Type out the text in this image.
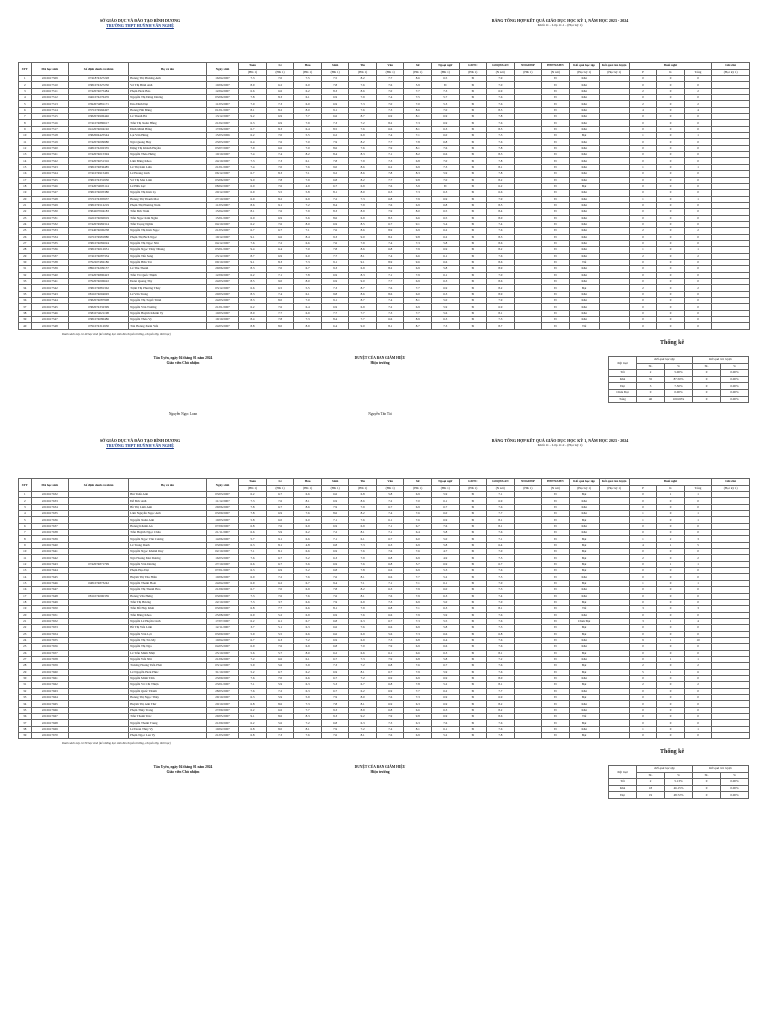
SỞ GIÁO DỤC VÀ ĐÀO TẠO BÌNH DƯƠNG
TRƯỜNG THPT HUỲNH VĂN NGHỆ
BẢNG TỔNG HỢP KẾT QUẢ GIÁO DỤC HỌC KỲ 1, NĂM HỌC 2023 - 2024
Khối 11 - Lớp 11.1 - (Học kỳ 1)
STT	Mã học sinh	Số định danh cá nhân	Họ và tên	Ngày sinh	Toán	Lí	Hóa	Sinh	Tin	Văn	Sử	Ngoại ngữ	GDTC	GDQP&AN	NDGDĐP	HĐTN&HN	Kết quả học tập	Kết quả rèn luyện	Buổi nghỉ			Ghi chú
					(HK 1)	(HK 1)	(HK 1)	(HK 1)	(HK 1)	(HK 1)	(HK 1)	(HK 1)	(HK 1)	(N xét)	(HK 1)	(N xét)	(Học kỳ 1)	(Học kỳ 1)	P	K	Tổng	(Học kỳ 1)
1	2210617509	0741874327228	Hoàng Thị Phương Anh	16/04/2007	7.3	7.0	7.5	7.5	8.2	7.7	8.6	6.5	Đ	7.9		Đ	Khá		0	0	0	
2	2210617510	0381074327230	Võ Thị Bình Anh	10/06/2007	8.9	6.2	6.0	7.8	7.6	7.6	5.9	Đ	Đ	7.0		Đ	Khá		0	0	0	
3	2210617511	0742074075484	Phạm Hoài Bảo	12/04/2007	6.6	6.6	6.2	8.3	8.6	7.0	7.7	7.3	Đ	6.9		Đ	Khá		2	0	2	
4	2210617512	0461074276476	Nguyễn Thị Đông Dương	03/06/2007	7.8	8.3	6.1	6.9	7.9	7.4	7.5	5.7	Đ	7.6		Đ	Khá		0	0	0	
5	2210617513	0392074881171	Đào Đình Đạt	11/03/2007	7.0	7.3	6.0	6.9	7.3	7.0	7.0	5.3	Đ	7.6		Đ	Khá		2	0	2	
6	2210617514	0371074966497	Hoàng Hải Đăng	01/01/2007	8.1	8.2	8.0	9.1	7.6	7.3	8.6	7.0	Đ	8.5		Đ	Khá		4	0	4	
7	2210617515	0382074906446	Lê Thanh Hà	13/12/2007	9.2	6.9	7.7	6.6	8.7	6.9	8.1	6.9	Đ	7.8		Đ	Khá		0	0	0	
8	2210617516	0741074880617	Trần Thị Xuân Hằng	21/02/2007	6.3	6.9	7.9	7.3	7.2	8.2	7.3	6.9	Đ	7.6		Đ	Khá		0	0	0	
9	2210617517	0412074004192	Đinh Minh Hằng	17/06/2007	6.7	8.3	6.4	8.5	7.6	6.6	8.1	6.3	Đ	8.5		Đ	Khá		0	0	0	
10	2210617518	0382004425544	Lại Văn Hùng	15/03/2006	6.2	7.0	5.5	6.2	6.9	7.4	7.1	6.0	Đ	7.3		Đ	Đạt		1	0	1	
11	2210617519	0742074009980	Ngô Quang Huy	23/03/2007	6.4	7.6	7.0	7.9	8.2	7.7	7.8	6.8	Đ	7.6		Đ	Khá		0	0	0	
12	2210617520	0481074202335	Đặng Thị Khánh Huyền	03/07/2007	7.9	6.6	7.0	8.6	7.6	7.9	8.1	7.6	Đ	7.8		Đ	Khá		0	0	0	
13	2210617521	0742074015394	Nguyễn Thảo Hưng	10/10/2007	7.4	7.4	8.2	8.4	8.3	7.1	8.2	6.6	Đ	8.3		Đ	Khá		0	0	0	
14	2210617522	0742074051316	Lâm Đăng Khoa	24/10/2007	7.3	7.3	6.1	7.8	7.9	7.3	6.8	7.0	Đ	7.8		Đ	Khá		0	0	0	
15	2210617523	0381074836485	Lê Thị Kim Liên	21/01/2007	7.4	7.0	7.6	9.0	8.6	6.2	6.9	7.3	Đ	8.1		Đ	Khá		1	0	1	
16	2210617524	0741074915465	Lê Hoàng Linh	06/12/2007	6.7	8.3	7.1	9.2	8.6	7.8	8.3	5.9	Đ	7.8		Đ	Khá		0	0	0	
17	2210617525	0381074331950	Võ Thị Mai Linh	03/06/2007	9.0	7.8	7.9	6.8	8.2	7.7	9.8	7.0	Đ	8.2		Đ	Khá		0	0	0	
18	2210617526	0742074005114	Lê Hữu Lực	08/02/2007	6.0	7.6	4.9	6.7	6.9	7.6	5.9	Đ	Đ	6.2		Đ	Đạt		0	0	0	
19	2210617527	0381074005380	Nguyễn Thị Kim Ly	20/12/2007	6.9	5.5	5.8	8.1	8.0	6.3	7.3	6.3	Đ	6.6		Đ	Khá		0	0	0	
20	2210617528	0371074395937	Hoàng Thị Thanh Mai	27/10/2007	6.9	8.2	6.9	7.2	7.3	6.8	7.9	6.9	Đ	7.9		Đ	Khá		1	0	1	
21	2210617529	0381074512219	Phạm Thị Phương Nam	11/03/2007	8.6	9.1	7.2	8.4	7.9	7.6	6.9	6.8	Đ	8.5		Đ	Khá		0	0	0	
22	2210617530	0384207004183	Trần Đức Nam	15/04/2007	8.1	7.6	7.9	8.3	8.9	7.9	8.0	6.5	Đ	8.4		Đ	Khá		0	0	0	
23	2210617531	0421074060919	Trần Ngọc Kim Ngân	15/01/2007	6.0	6.9	5.6	8.6	6.9	8.3	6.6	6.5	Đ	8.0		Đ	Khá		0	0	0	
24	2210617532	0742074982314	Trần Trọng Nghĩa	04/10/2007	6.2	7.6	8.0	6.9	8.5	6.7	9.1	5.4	Đ	7.4		Đ	Khá		0	0	0	
25	2210617533	0744074000238	Nguyễn Thị Kim Ngọc	21/03/2007	6.7	6.7	7.1	7.6	8.6	8.9	6.9	6.2	Đ	7.6		Đ	Khá		2	0	2	
26	2210617534	0471074981880	Phạm Thị Bích Ngọc	19/12/2007	9.1	6.6	8.4	9.3	9.0	8.2	9.8	6.2	Đ	8.3		Đ	Khá		0	0	0	
27	2210617535	0381074082024	Nguyễn Thị Ngọc Nhi	04/12/2007	7.6	7.2	6.6	7.6	7.9	7.4	7.3	5.8	Đ	8.6		Đ	Khá		0	0	0	
28	2210617536	0381074012951	Nguyễn Ngọc Thủy Nhung	03/01/2007	9.4	6.4	7.0	7.8	8.6	6.8	7.9	6.9	Đ	8.2		Đ	Khá		1	0	1	
29	2210617537	0741074087334	Nguyễn Tấn Sang	23/12/2007	8.7	6.9	6.0	7.7	8.1	7.4	6.6	6.1	Đ	7.6		Đ	Khá		2	0	2	
30	2210617538	0792207482186	Nguyễn Hữu Tài	09/10/2007	9.1	8.3	7.3	9.1	9.1	8.9	9.6	6.6	Đ	8.6		Đ	Tốt		0	0	0	
31	2210617539	0891074209157	Lê Thu Thanh	29/06/2007	8.3	7.0	6.7	9.3	6.9	8.2	6.9	5.8	Đ	8.9		Đ	Khá		0	0	0	
32	2210617540	0742074890423	Trần Võ Quốc Thịnh	12/09/2007	6.2	7.1	7.8	6.9	8.3	7.1	7.9	6.1	Đ	7.0		Đ	Khá		0	0	0	
33	2210617541	0792074006622	Đoàn Quang Thy	24/03/2007	8.5	9.0	8.0	6.9	9.0	7.7	6.9	6.3	Đ	8.6		Đ	Khá		0	0	0	
34	2210617542	0381074881362	Trịnh Thị Phương Thúy	03/12/2007	6.6	6.5	5.5	7.3	8.7	7.6	7.7	6.9	Đ	8.2		Đ	Đạt		2	0	2	
35	2210617543	0811074004693	Lê Văn Trung	20/03/2007	8.3	7.4	6.1	9.8	8.6	8.6	6.0	6.3	Đ	8.9		Đ	Khá		0	0	0	
36	2210617544	0382074087908	Nguyễn Thị Tuyết Trinh	24/03/2007	8.3	8.0	7.0	9.1	8.7	7.4	8.1	5.0	Đ	7.9		Đ	Khá		0	0	0	
37	2210617545	0382074332399	Nguyễn Văn Trường	21/01/2007	6.2	7.6	6.4	6.9	6.9	7.2	6.9	5.9	Đ	6.9		Đ	Khá		0	0	0	
38	2210617546	0381074021198	Nguyễn Huỳnh Khánh Vy	10/03/2007	8.0	7.7	6.9	7.7	7.7	7.3	7.7	5.6	Đ	8.1		Đ	Khá		0	0	0	
39	2210617547	0381074080486	Nguyễn Thảo Vy	19/10/2007	8.4	7.8	7.3	8.4	7.7	6.6	8.9	6.3	Đ	7.3		Đ	Khá		0	0	0	
40	2210617548	0791074312930	Tôn Hoàng Xuân Yến	24/03/2007	8.8	8.0	8.9	6.4	9.0	8.1	8.7	7.3	Đ	8.7		Đ	Tốt		0	0	0	
Danh sách này có 40 học sinh (kể những học sinh đã chuyển trường, chuyển lớp, thôi học)
Tân Uyên, ngày 04 tháng 01 năm 2024
Giáo viên Chủ nhiệm
Nguyễn Ngọc Loan
DUYỆT CỦA BAN GIÁM HIỆU
Hiệu trưởng
Nguyễn Tấn Tài
Thống kê
Xếp loại	Kết quả học tập		Kết quả rèn luyện	
	SL	%	SL	%
Tốt	2	5.00%	0	0.00%
Khá	35	87.50%	0	0.00%
Đạt	3	7.50%	0	0.00%
Chưa Đạt	0	0.00%	0	0.00%
Tổng	40	100.00%	0	0.00%
SỞ GIÁO DỤC VÀ ĐÀO TẠO BÌNH DƯƠNG
TRƯỜNG THPT HUỲNH VĂN NGHỆ
BẢNG TỔNG HỢP KẾT QUẢ GIÁO DỤC HỌC KỲ 1, NĂM HỌC 2023 - 2024
Khối 11 - Lớp 11.2 - (Học kỳ 1)
STT	Mã học sinh	Số định danh cá nhân	Họ và tên	Ngày sinh	Toán	Lí	Hóa	Sinh	Tin	Văn	Sử	Ngoại ngữ	GDTC	GDQP&AN	NDGDĐP	HĐTN&HN	Kết quả học tập	Kết quả rèn luyện	Buổi nghỉ			Ghi chú
					(HK 1)	(HK 1)	(HK 1)	(HK 1)	(HK 1)	(HK 1)	(HK 1)	(HK 1)	(HK 1)	(N xét)	(HK 1)	(N xét)	(Học kỳ 1)	(Học kỳ 1)	P	K	Tổng	(Học kỳ 1)
1	2210617632		Bùi Tuấn Anh	03/03/2007	6.2	6.7	6.6	6.6	6.8	5.8	6.9	5.9	Đ	7.1		Đ	Đạt		0	1	1	
2	2210617633		Đỗ Đức Anh	11/12/2007	7.3	7.6	8.1	6.9	8.6	7.2	7.0	6.1	Đ	6.9		Đ	Khá		0	0	0	
3	2210617634		Bồ Thị Linh Anh	29/06/2007	7.8	6.7	8.6	7.9	7.9	6.7	6.9	6.7	Đ	7.6		Đ	Khá		0	0	0	
4	2210617635		Lâm Nguyễn Ngọc Anh	03/09/2007	7.8	6.9	7.6	8.6	8.2	7.4	7.6	6.0	Đ	7.7		Đ	Khá		1	0	1	
5	2210617636		Nguyễn Xuân Anh	10/03/2007	5.8	6.0	6.0	7.1	7.6	6.1	7.6	6.9	Đ	8.1		Đ	Đạt		1	0	1	
6	2210617637		Hoàng Khánh An	07/09/2007	6.8	7.6	6.9	6.9	6.9	7.1	6.7	7.6	Đ	8.1		Đ	Khá		0	0	0	
7	2210617638		Trần Huỳnh Ngọc Châu	21/11/2007	6.6	5.9	6.2	7.2	8.1	7.1	6.4	5.8	Đ	7.6		Đ	Khá		0	0	0	
8	2210617639		Nguyễn Ngọc Vân Cương	14/06/2007	5.7	9.1	6.6	7.1	6.1	6.7	6.0	5.0	Đ	7.1		Đ	Đạt		1	2	3	
9	2210617640		Lê Trung Danh	03/09/2007	6.3	8.1	4.8	6.8	7.3	6.3	6.9	5.8	Đ	6.4		Đ	Đạt		4	1	5	
10	2210617641		Nguyễn Ngọc Khánh Duy	02/10/2007	7.1	8.1	6.6	6.9	7.6	7.6	7.6	4.7	Đ	7.0		Đ	Đạt		0	0	0	
11	2210617642		Ngô Hoàng Mai Dương	16/03/2007	7.6	6.7	5.2	6.3	7.9	6.8	6.9	4.9	Đ	7.5		Đ	Đạt		2	0	2	
12	2210617643	0742074871799	Nguyễn Văn Dương	27/10/2007	6.6	6.7	5.6	6.9	7.6	6.8	5.7	6.9	Đ	6.7		Đ	Đạt		0	1	1	
13	2210617644		Phạm Hạo Đạt	07/01/2007	6.3	6.9	5.2	6.8	7.8	6.6	6.9	5.3	Đ	7.6		Đ	Đạt		0	0	0	
14	2210617645		Huỳnh Thị Thu Hiền	10/06/2007	6.9	7.2	7.6	7.6	8.1	6.6	7.7	5.2	Đ	7.5		Đ	Khá		0	0	0	
15	2210617646	0481074873242	Nguyễn Thanh Hoài	24/04/2007	6.9	6.2	6.7	9.4	7.1	7.1	7.1	6.1	Đ	7.0		Đ	Đạt		1	0	1	
16	2210617647		Nguyễn Thị Thanh Hòa	21/09/2007	6.7	7.0	6.9	7.8	8.2	6.3	7.9	6.0	Đ	7.3		Đ	Khá		0	0	0	
17	2210617648	0811074006359	Hoàng Văn Hưng	03/09/2007	7.3	7.6	7.6	7.6	8.1	7.6	7.9	6.3	Đ	7.4		Đ	Khá		0	0	0	
18	2210617649		Trần Thị Hương	22/10/2007	7.3	3.7	6.6	7.9	6.9	7.3	6.9	5.0	Đ	7.0		Đ	Đạt		0	0	0	
19	2210617650		Trần Đỗ Huy Khải	03/09/2007	6.8	7.7	6.6	8.1	7.9	6.8	7.1	6.3	Đ	8.1		Đ	Tốt		3	0	3	
20	2210617651		Trần Đăng Khoa	25/08/2007	6.9	5.2	6.9	6.9	7.6	6.6	7.9	5.9	Đ	7.6		Đ	Khá		0	0	0	
21	2210617652		Nguyễn Lê Huyền Linh	17/07/2007	6.2	6.1	6.7	6.8	6.3	6.7	7.3	5.5	Đ	7.6		Đ	Chưa Đạt		3	1	4	
22	2210617653		Hồ Thị Yến Linh	12/11/2007	3.7	5.1	6.3	6.6	7.6	6.6	6.9	5.8	Đ	7.3		Đ	Đạt		0	0	0	
23	2210617654		Nguyễn Văn Lợi	03/09/2007	5.9	5.5	6.6	6.6	6.9	5.6	7.3	6.6	Đ	6.8		Đ	Đạt		0	0	0	
24	2210617655		Nguyễn Thị Trà My	10/04/2007	6.7	6.3	7.2	6.9	6.9	7.3	6.8	6.4	Đ	7.6		Đ	Khá		9	1	10	
25	2210617656		Nguyễn Thị Nga	04/05/2007	6.9	7.6	6.9	6.8	7.0	7.9	6.9	6.6	Đ	7.6		Đ	Khá		0	0	0	
26	2210617657		Lê Trần Minh Nhật	25/10/2007	5.6	5.7	8.0	6.2	6.6	6.1	6.6	6.3	Đ	8.1		Đ	Đạt		0	0	0	
27	2210617658		Nguyễn Yến Nhi	21/06/2007	7.2	6.6	6.1	6.7	7.3	7.9	6.8	5.8	Đ	7.2		Đ	Khá		0	1	1	
28	2210617659		Trương Hoàng Tiến Phát	03/12/2007	5.9	5.6	5.9	7.3	7.2	6.8	7.6	6.7	Đ	7.6		Đ	Đạt		2	0	2	
29	2210617660		Lê Nguyễn Hoài Phúc	31/10/2007	5.2	6.7	6.2	6.9	8.1	6.7	7.9	5.9	Đ	7.6		Đ	Đạt		5	1	6	
30	2210617661		Nguyễn Minh Tâm	23/09/2007	7.6	7.0	6.6	6.7	7.2	6.9	6.9	6.9	Đ	8.0		Đ	Khá		0	0	0	
31	2210617662		Nguyễn Võ Chí Thiện	23/01/2007	7.1	5.9	6.3	5.3	6.7	6.8	7.8	5.2	Đ	8.1		Đ	Đạt		2	0	2	
32	2210617663		Nguyễn Quốc Thành	28/03/2007	7.6	7.2	6.3	6.7	6.2	6.9	7.7	6.2	Đ	7.7		Đ	Khá		0	0	0	
33	2210617664		Hoàng Thị Ngọc Thúy	29/10/2007	6.3	5.9	5.9	7.9	8.0	7.6	7.3	6.9	Đ	6.9		Đ	Đạt		0	0	0	
34	2210617665		Huỳnh Thị Anh Thư	20/10/2007	6.8	8.6	7.3	7.8	8.1	6.9	6.3	6.9	Đ	8.2		Đ	Khá		0	0	0	
35	2210617666		Phạm Thùy Trang	27/09/2007	6.2	6.6	7.7	9.3	8.9	6.8	6.6	6.3	Đ	8.2		Đ	Khá		0	0	0	
36	2210617667		Trần Thanh Trúc	29/05/2007	9.1	8.6	8.3	9.3	9.2	7.9	9.8	6.9	Đ	8.6		Đ	Tốt		0	0	0	
37	2210617668		Nguyễn Thanh Trung	21/09/2007	6.2	5.6	7.2	6.8	6.3	7.3	6.3	7.6	Đ	7.6		Đ	Đạt		0	0	0	
38	2210617669		Lê Đoàn Thùy Vy	10/02/2007	6.8	8.0	8.1	7.9	7.2	7.4	8.1	6.1	Đ	7.6		Đ	Khá		1	0	1	
39	2210617670		Phạm Ngọc Lan Vy	21/03/2007	6.8	7.3	7.6	7.6	8.1	7.6	6.9	5.2	Đ	7.8		Đ	Đạt		0	0	0	
Danh sách này có 39 học sinh (kể những học sinh đã chuyển trường, chuyển lớp, thôi học)
Tân Uyên, ngày 04 tháng 01 năm 2024
Giáo viên Chủ nhiệm
DUYỆT CỦA BAN GIÁM HIỆU
Hiệu trưởng
Thống kê
Xếp loại	Kết quả học tập		Kết quả rèn luyện	
	SL	%	SL	%
Tốt	2	5.13%	0	0.00%
Khá	18	46.15%	0	0.00%
Đạt	19	48.72%	0	0.00%
